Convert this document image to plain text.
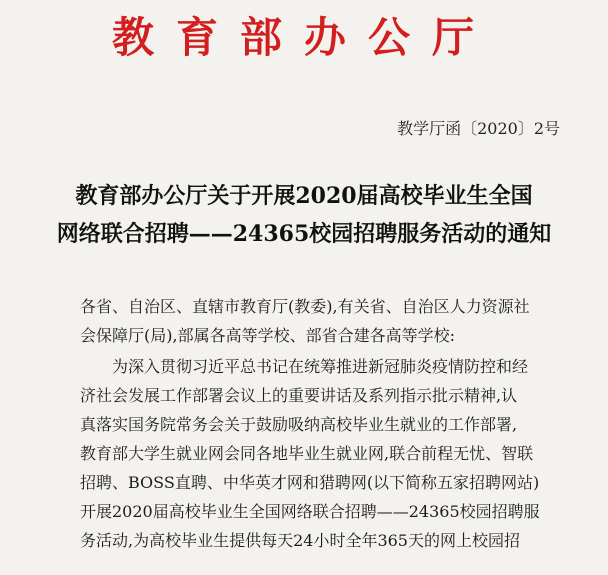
教育部办公厅
教学厅函〔2020〕2号
教育部办公厅关于开展2020届高校毕业生全国
网络联合招聘——24365校园招聘服务活动的通知
各省、自治区、直辖市教育厅(教委),有关省、自治区人力资源社
会保障厅(局),部属各高等学校、部省合建各高等学校:
为深入贯彻习近平总书记在统筹推进新冠肺炎疫情防控和经
济社会发展工作部署会议上的重要讲话及系列指示批示精神,认
真落实国务院常务会关于鼓励吸纳高校毕业生就业的工作部署,
教育部大学生就业网会同各地毕业生就业网,联合前程无忧、智联
招聘、BOSS直聘、中华英才网和猎聘网(以下简称五家招聘网站)
开展2020届高校毕业生全国网络联合招聘——24365校园招聘服
务活动,为高校毕业生提供每天24小时全年365天的网上校园招
